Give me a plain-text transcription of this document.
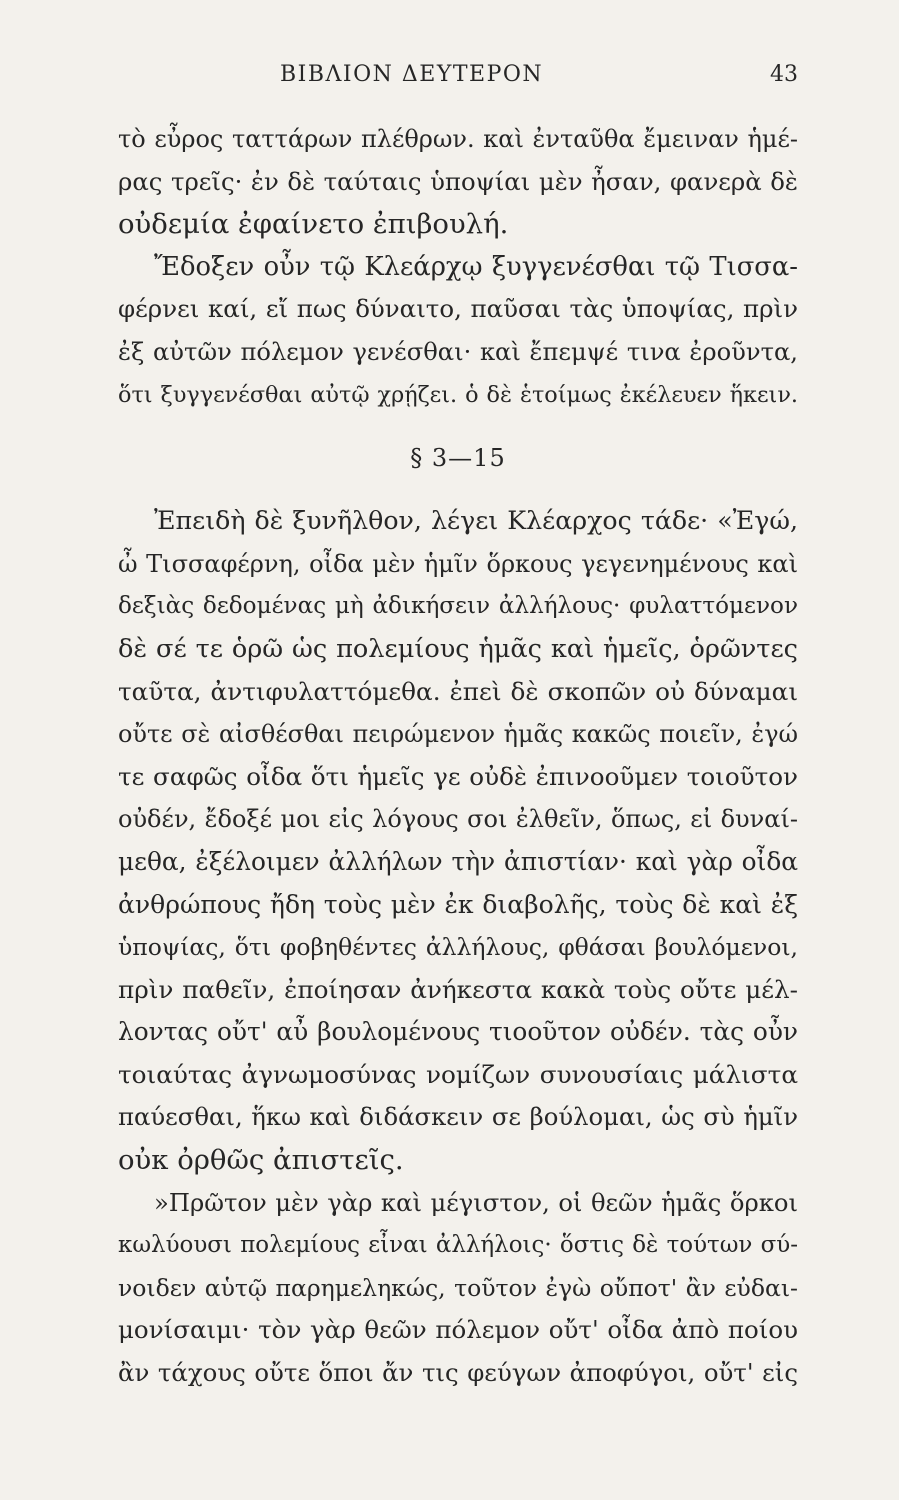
ΒΙΒΛΙΟΝ ΔΕΥΤΕΡΟΝ	43
τὸ εὖρος ταττάρων πλέθρων. καὶ ἐνταῦθα ἔμειναν ἡμέ-
ρας τρεῖς· ἐν δὲ ταύταις ὑποψίαι μὲν ἦσαν, φανερὰ δὲ
οὐδεμία ἐφαίνετο ἐπιβουλή.
Ἔδοξεν οὖν τῷ Κλεάρχῳ ξυγγενέσθαι τῷ Τισσα-
φέρνει καί, εἴ πως δύναιτο, παῦσαι τὰς ὑποψίας, πρὶν
ἐξ αὐτῶν πόλεμον γενέσθαι· καὶ ἔπεμψέ τινα ἐροῦντα,
ὅτι ξυγγενέσθαι αὐτῷ χρῄζει. ὁ δὲ ἑτοίμως ἐκέλευεν ἥκειν.
§ 3—15
Ἐπειδὴ δὲ ξυνῆλθον, λέγει Κλέαρχος τάδε· «Ἐγώ,
ὦ Τισσαφέρνη, οἶδα μὲν ἡμῖν ὅρκους γεγενημένους καὶ
δεξιὰς δεδομένας μὴ ἀδικήσειν ἀλλήλους· φυλαττόμενον
δὲ σέ τε ὁρῶ ὡς πολεμίους ἡμᾶς καὶ ἡμεῖς, ὁρῶντες
ταῦτα, ἀντιφυλαττόμεθα. ἐπεὶ δὲ σκοπῶν οὐ δύναμαι
οὔτε σὲ αἰσθέσθαι πειρώμενον ἡμᾶς κακῶς ποιεῖν, ἐγώ
τε σαφῶς οἶδα ὅτι ἡμεῖς γε οὐδὲ ἐπινοοῦμεν τοιοῦτον
οὐδέν, ἔδοξέ μοι εἰς λόγους σοι ἐλθεῖν, ὅπως, εἰ δυναί-
μεθα, ἐξέλοιμεν ἀλλήλων τὴν ἀπιστίαν· καὶ γὰρ οἶδα
ἀνθρώπους ἤδη τοὺς μὲν ἐκ διαβολῆς, τοὺς δὲ καὶ ἐξ
ὑποψίας, ὅτι φοβηθέντες ἀλλήλους, φθάσαι βουλόμενοι,
πρὶν παθεῖν, ἐποίησαν ἀνήκεστα κακὰ τοὺς οὔτε μέλ-
λοντας οὔτ' αὖ βουλομένους τιοοῦτον οὐδέν. τὰς οὖν
τοιαύτας ἀγνωμοσύνας νομίζων συνουσίαις μάλιστα
παύεσθαι, ἥκω καὶ διδάσκειν σε βούλομαι, ὡς σὺ ἡμῖν
οὐκ ὀρθῶς ἀπιστεῖς.
»Πρῶτον μὲν γὰρ καὶ μέγιστον, οἱ θεῶν ἡμᾶς ὅρκοι
κωλύουσι πολεμίους εἶναι ἀλλήλοις· ὅστις δὲ τούτων σύ-
νοιδεν αὑτῷ παρημεληκώς, τοῦτον ἐγὼ οὔποτ' ἂν εὐδαι-
μονίσαιμι· τὸν γὰρ θεῶν πόλεμον οὔτ' οἶδα ἀπὸ ποίου
ἂν τάχους οὔτε ὅποι ἄν τις φεύγων ἀποφύγοι, οὔτ' εἰς
